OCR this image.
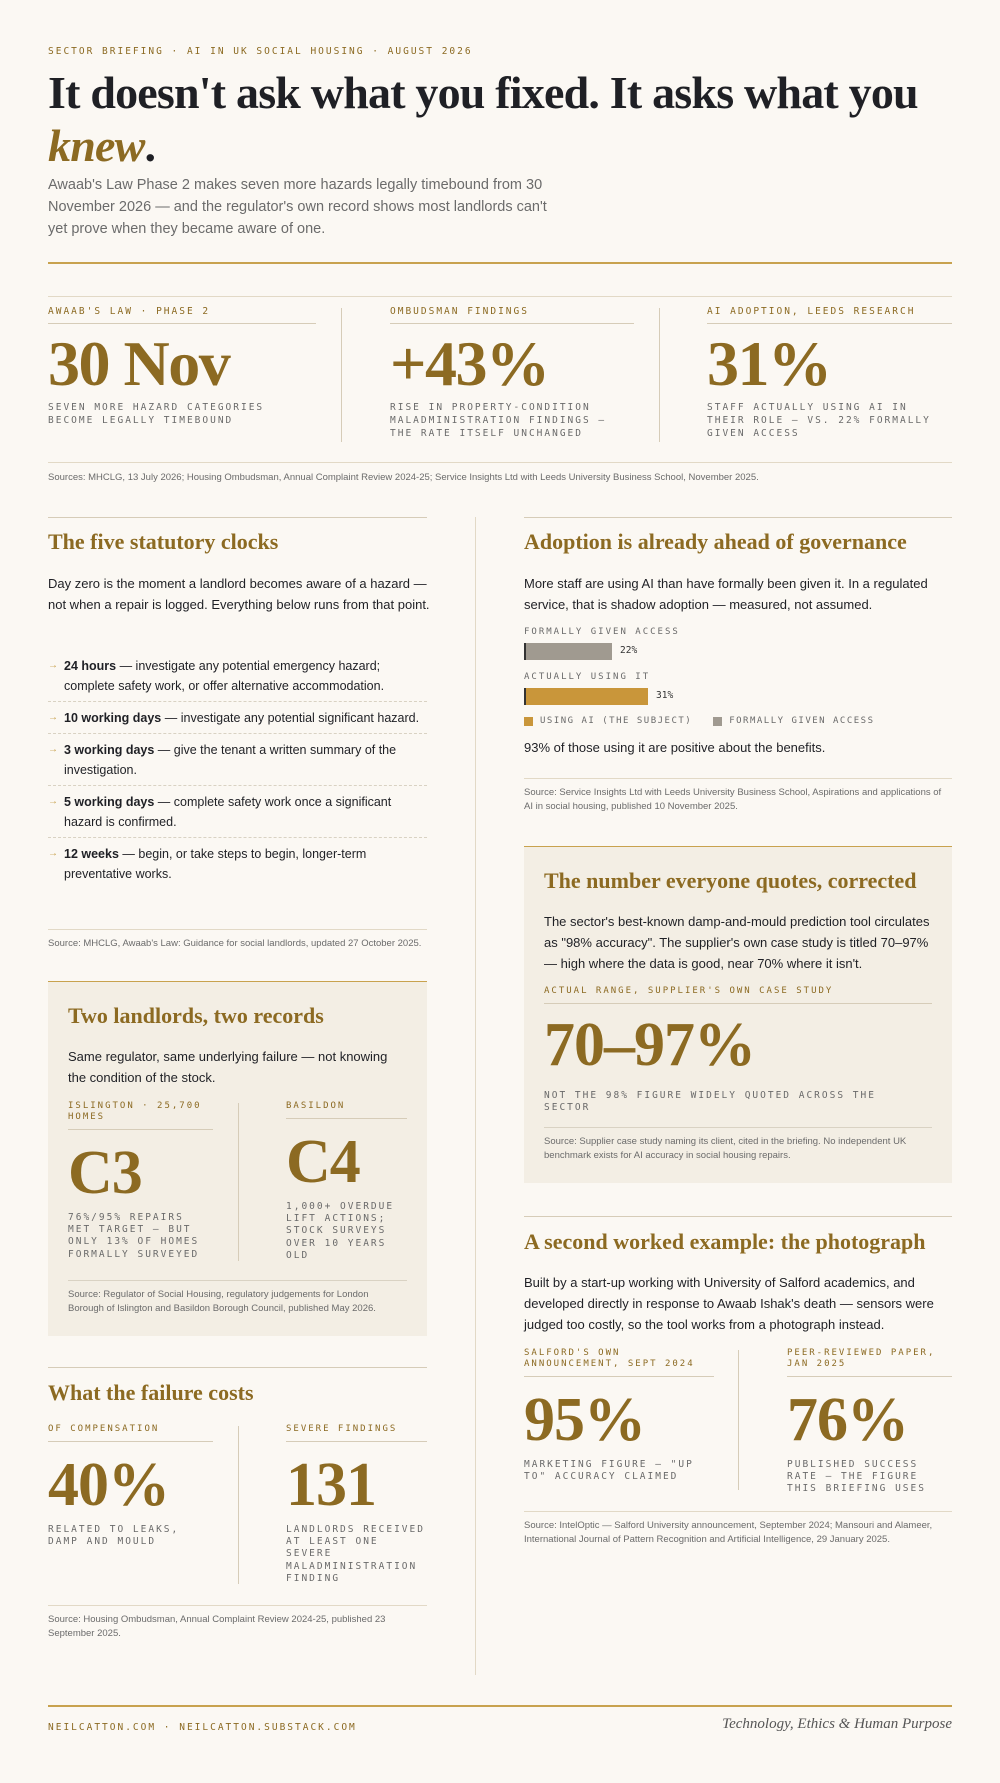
SECTOR BRIEFING · AI IN UK SOCIAL HOUSING · AUGUST 2026
It doesn't ask what you fixed. It asks what you knew.

Awaab's Law Phase 2 makes seven more hazards legally timebound from 30 November 2026 — and the regulator's own record shows most landlords can't yet prove when they became aware of one.

AWAAB'S LAW · PHASE 2
30 Nov
SEVEN MORE HAZARD CATEGORIES BECOME LEGALLY TIMEBOUND
OMBUDSMAN FINDINGS
+43%
RISE IN PROPERTY-CONDITION MALADMINISTRATION FINDINGS — THE RATE ITSELF UNCHANGED
AI ADOPTION, LEEDS RESEARCH
31%
STAFF ACTUALLY USING AI IN THEIR ROLE — VS. 22% FORMALLY GIVEN ACCESS
Sources: MHCLG, 13 July 2026; Housing Ombudsman, Annual Complaint Review 2024-25; Service Insights Ltd with Leeds University Business School, November 2025.
The five statutory clocks

Day zero is the moment a landlord becomes aware of a hazard — not when a repair is logged. Everything below runs from that point.

→ 24 hours — investigate any potential emergency hazard; complete safety work, or offer alternative accommodation.
→ 10 working days — investigate any potential significant hazard.
→ 3 working days — give the tenant a written summary of the investigation.
→ 5 working days — complete safety work once a significant hazard is confirmed.
→ 12 weeks — begin, or take steps to begin, longer-term preventative works.
Source: MHCLG, Awaab's Law: Guidance for social landlords, updated 27 October 2025.
Two landlords, two records

Same regulator, same underlying failure — not knowing the condition of the stock.

ISLINGTON · 25,700 HOMES
C3
76%/95% REPAIRS MET TARGET — BUT ONLY 13% OF HOMES FORMALLY SURVEYED
BASILDON
C4
1,000+ OVERDUE LIFT ACTIONS; STOCK SURVEYS OVER 10 YEARS OLD
Source: Regulator of Social Housing, regulatory judgements for London Borough of Islington and Basildon Borough Council, published May 2026.
What the failure costs
OF COMPENSATION
40%
RELATED TO LEAKS, DAMP AND MOULD
SEVERE FINDINGS
131
LANDLORDS RECEIVED AT LEAST ONE SEVERE MALADMINISTRATION FINDING
Source: Housing Ombudsman, Annual Complaint Review 2024-25, published 23 September 2025.
Adoption is already ahead of governance

More staff are using AI than have formally been given it. In a regulated service, that is shadow adoption — measured, not assumed.

FORMALLY GIVEN ACCESS
22%
ACTUALLY USING IT
31%
USING AI (THE SUBJECT)	FORMALLY GIVEN ACCESS

93% of those using it are positive about the benefits.

Source: Service Insights Ltd with Leeds University Business School, Aspirations and applications of AI in social housing, published 10 November 2025.
The number everyone quotes, corrected

The sector's best-known damp-and-mould prediction tool circulates as "98% accuracy". The supplier's own case study is titled 70–97% — high where the data is good, near 70% where it isn't.

ACTUAL RANGE, SUPPLIER'S OWN CASE STUDY
70–97%
NOT THE 98% FIGURE WIDELY QUOTED ACROSS THE SECTOR
Source: Supplier case study naming its client, cited in the briefing. No independent UK benchmark exists for AI accuracy in social housing repairs.
A second worked example: the photograph

Built by a start-up working with University of Salford academics, and developed directly in response to Awaab Ishak's death — sensors were judged too costly, so the tool works from a photograph instead.

SALFORD'S OWN ANNOUNCEMENT, SEPT 2024
95%
MARKETING FIGURE — "UP TO" ACCURACY CLAIMED
PEER-REVIEWED PAPER, JAN 2025
76%
PUBLISHED SUCCESS RATE — THE FIGURE THIS BRIEFING USES
Source: IntelOptic — Salford University announcement, September 2024; Mansouri and Alameer, International Journal of Pattern Recognition and Artificial Intelligence, 29 January 2025.
NEILCATTON.COM · NEILCATTON.SUBSTACK.COM	Technology, Ethics & Human Purpose
